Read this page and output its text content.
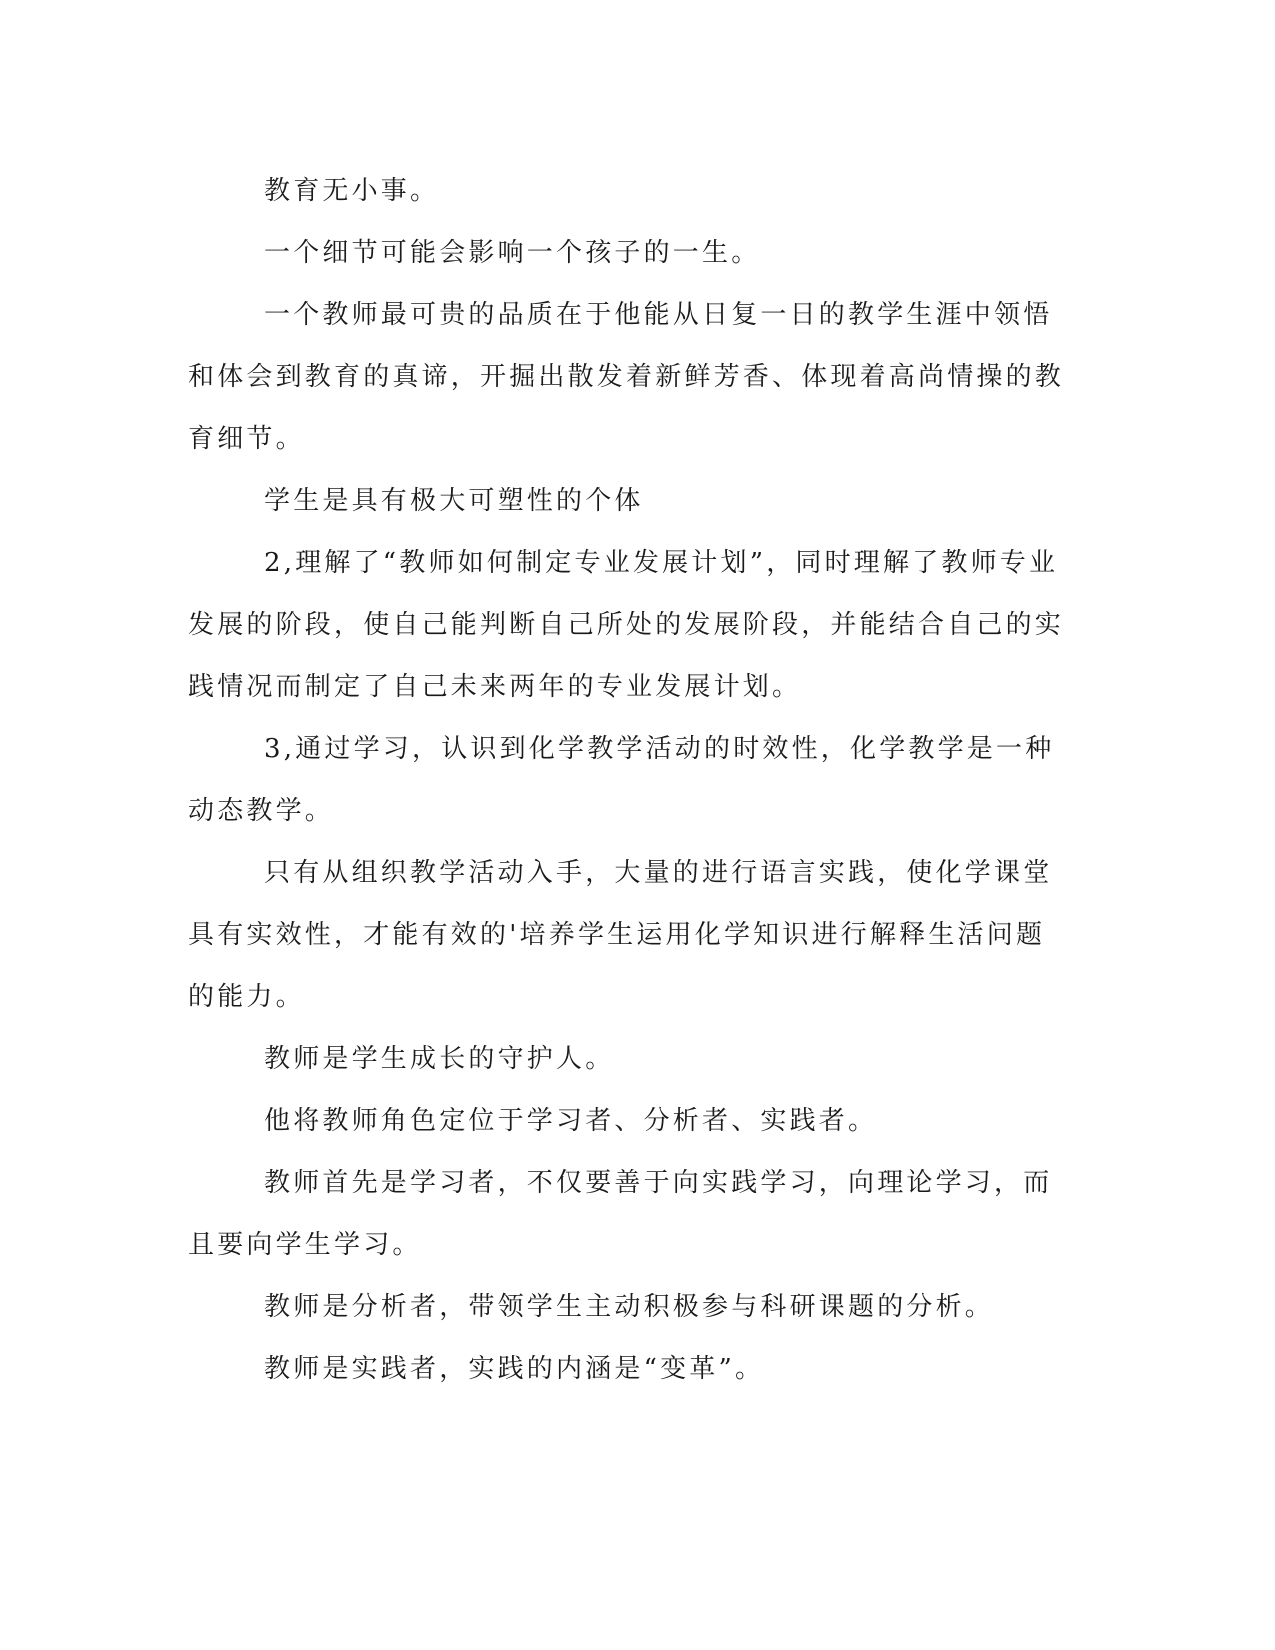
教育无小事。

一个细节可能会影响一个孩子的一生。

一个教师最可贵的品质在于他能从日复一日的教学生涯中领悟和体会到教育的真谛，开掘出散发着新鲜芳香、体现着高尚情操的教育细节。

学生是具有极大可塑性的个体

2,理解了“教师如何制定专业发展计划”，同时理解了教师专业发展的阶段，使自己能判断自己所处的发展阶段，并能结合自己的实践情况而制定了自己未来两年的专业发展计划。

3,通过学习，认识到化学教学活动的时效性，化学教学是一种动态教学。

只有从组织教学活动入手，大量的进行语言实践，使化学课堂具有实效性，才能有效的'培养学生运用化学知识进行解释生活问题的能力。

教师是学生成长的守护人。

他将教师角色定位于学习者、分析者、实践者。

教师首先是学习者，不仅要善于向实践学习，向理论学习，而且要向学生学习。

教师是分析者，带领学生主动积极参与科研课题的分析。

教师是实践者，实践的内涵是“变革”。
